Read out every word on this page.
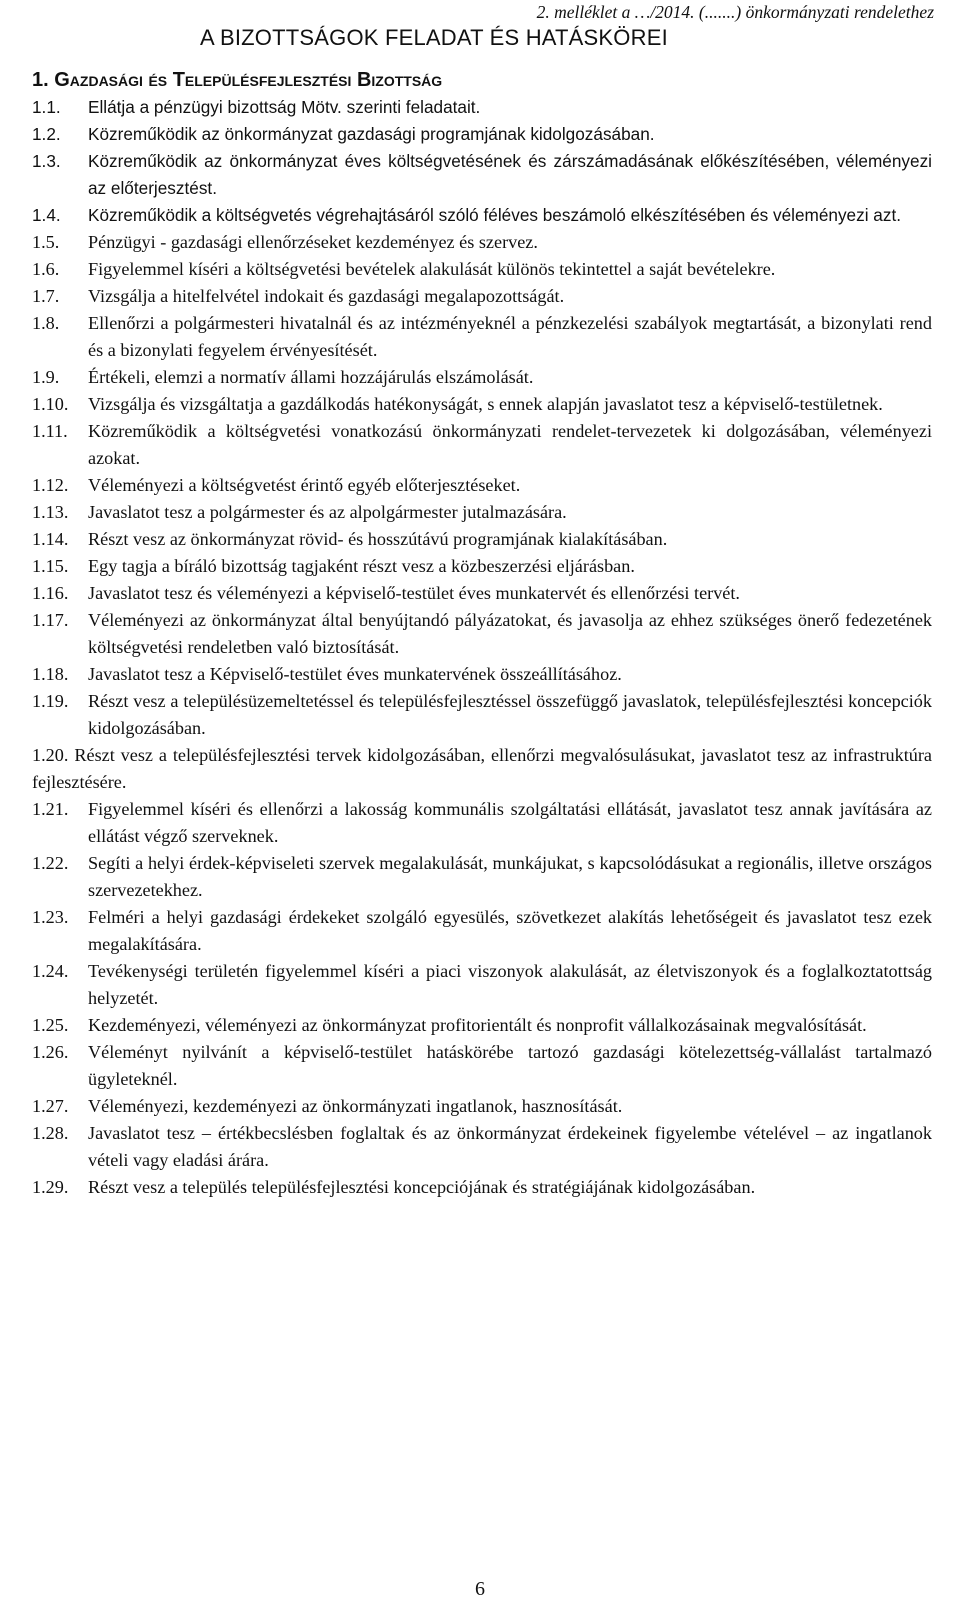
2. melléklet a …/2014. (.......) önkormányzati rendelethez
A BIZOTTSÁGOK FELADAT ÉS HATÁSKÖREI
1. Gazdasági és Településfejlesztési Bizottság
1.1.	Ellátja a pénzügyi bizottság Mötv. szerinti feladatait.
1.2.	Közreműködik az önkormányzat gazdasági programjának kidolgozásában.
1.3.	Közreműködik az önkormányzat éves költségvetésének és zárszámadásának előkészítésében, véleményezi az előterjesztést.
1.4.	Közreműködik a költségvetés végrehajtásáról szóló féléves beszámoló elkészítésében és véleményezi azt.
1.5.	Pénzügyi - gazdasági ellenőrzéseket kezdeményez és szervez.
1.6.	Figyelemmel kíséri a költségvetési bevételek alakulását különös tekintettel a saját bevételekre.
1.7.	Vizsgálja a hitelfelvétel indokait és gazdasági megalapozottságát.
1.8.	Ellenőrzi a polgármesteri hivatalnál és az intézményeknél a pénzkezelési szabályok megtartását, a bizonylati rend és a bizonylati fegyelem érvényesítését.
1.9.	Értékeli, elemzi a normatív állami hozzájárulás elszámolását.
1.10.	Vizsgálja és vizsgáltatja a gazdálkodás hatékonyságát, s ennek alapján javaslatot tesz a képviselő-testületnek.
1.11.	Közreműködik a költségvetési vonatkozású önkormányzati rendelet-tervezetek ki dolgozásában, véleményezi azokat.
1.12.	Véleményezi a költségvetést érintő egyéb előterjesztéseket.
1.13.	Javaslatot tesz a polgármester és az alpolgármester jutalmazására.
1.14.	Részt vesz az önkormányzat rövid- és hosszútávú programjának kialakításában.
1.15.	Egy tagja a bíráló bizottság tagjaként részt vesz a közbeszerzési eljárásban.
1.16.	Javaslatot tesz és véleményezi a képviselő-testület éves munkatervét és ellenőrzési tervét.
1.17.	Véleményezi az önkormányzat által benyújtandó pályázatokat, és javasolja az ehhez szükséges önerő fedezetének költségvetési rendeletben való biztosítását.
1.18.	Javaslatot tesz a Képviselő-testület éves munkatervének összeállításához.
1.19.	Részt vesz a településüzemeltetéssel és településfejlesztéssel összefüggő javaslatok, településfejlesztési koncepciók kidolgozásában.
1.20. Részt vesz a településfejlesztési tervek kidolgozásában, ellenőrzi megvalósulásukat, javaslatot tesz az infrastruktúra fejlesztésére.
1.21.	Figyelemmel kíséri és ellenőrzi a lakosság kommunális szolgáltatási ellátását, javaslatot tesz annak javítására az ellátást végző szerveknek.
1.22.	Segíti a helyi érdek-képviseleti szervek megalakulását, munkájukat, s kapcsolódásukat a regionális, illetve országos szervezetekhez.
1.23.	Felméri a helyi gazdasági érdekeket szolgáló egyesülés, szövetkezet alakítás lehetőségeit és javaslatot tesz ezek megalakítására.
1.24.	Tevékenységi területén figyelemmel kíséri a piaci viszonyok alakulását, az életviszonyok és a foglalkoztatottság helyzetét.
1.25.	Kezdeményezi, véleményezi az önkormányzat profitorientált és nonprofit vállalkozásainak megvalósítását.
1.26.	Véleményt nyilvánít a képviselő-testület hatáskörébe tartozó gazdasági kötelezettség-vállalást tartalmazó ügyleteknél.
1.27.	Véleményezi, kezdeményezi az önkormányzati ingatlanok, hasznosítását.
1.28.	Javaslatot tesz – értékbecslésben foglaltak és az önkormányzat érdekeinek figyelembe vételével – az ingatlanok vételi vagy eladási árára.
1.29.	Részt vesz a település településfejlesztési koncepciójának és stratégiájának kidolgozásában.
6
